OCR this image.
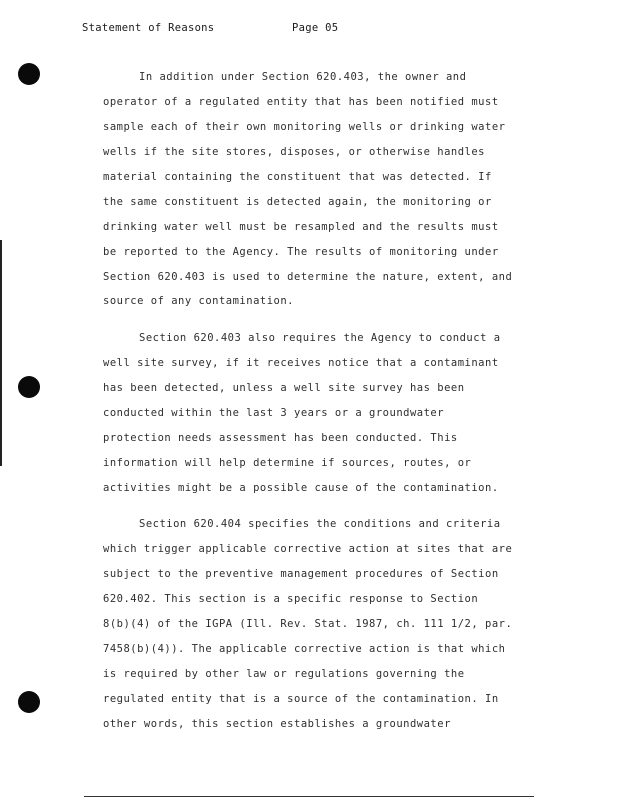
Statement of Reasons	Page 05
In addition under Section 620.403, the owner and
operator of a regulated entity that has been notified must
sample each of their own monitoring wells or drinking water
wells if the site stores, disposes, or otherwise handles
material containing the constituent that was detected. If
the same constituent is detected again, the monitoring or
drinking water well must be resampled and the results must
be reported to the Agency. The results of monitoring under
Section 620.403 is used to determine the nature, extent, and
source of any contamination.
Section 620.403 also requires the Agency to conduct a
well site survey, if it receives notice that a contaminant
has been detected, unless a well site survey has been
conducted within the last 3 years or a groundwater
protection needs assessment has been conducted. This
information will help determine if sources, routes, or
activities might be a possible cause of the contamination.
Section 620.404 specifies the conditions and criteria
which trigger applicable corrective action at sites that are
subject to the preventive management procedures of Section
620.402. This section is a specific response to Section
8(b)(4) of the IGPA (Ill. Rev. Stat. 1987, ch. 111 1/2, par.
7458(b)(4)). The applicable corrective action is that which
is required by other law or regulations governing the
regulated entity that is a source of the contamination. In
other words, this section establishes a groundwater
